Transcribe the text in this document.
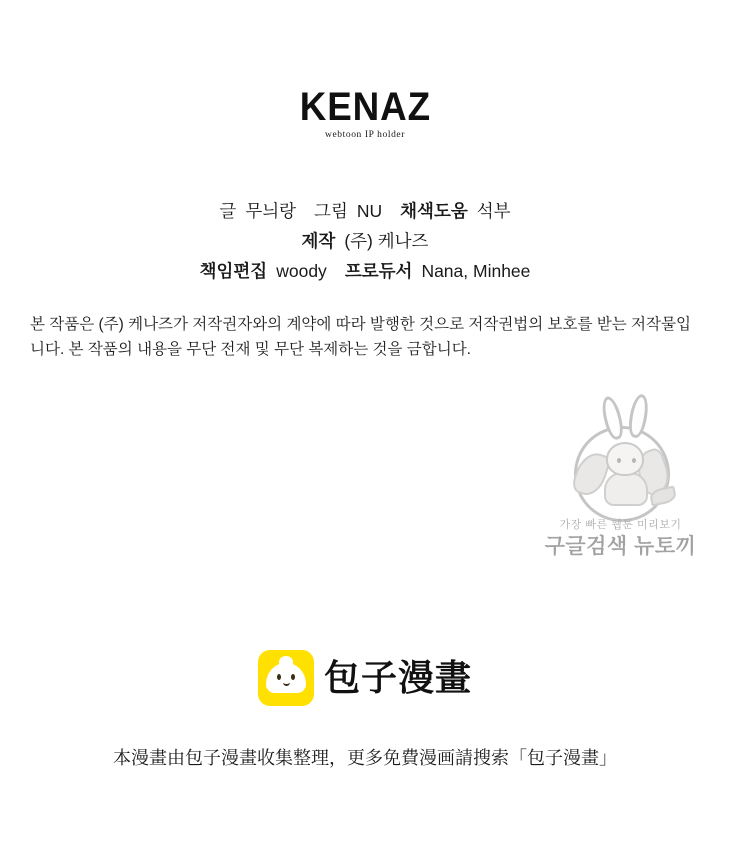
KENAZ
webtoon IP holder
글 무늬랑 그림 NU 채색도움 석부
제작 (주) 케나즈
책임편집 woody 프로듀서 Nana, Minhee
본 작품은 (주) 케나즈가 저작권자와의 계약에 따라 발행한 것으로 저작권법의 보호를 받는 저작물입니다. 본 작품의 내용을 무단 전재 및 무단 복제하는 것을 금합니다.
가장 빠른 웹툰 미리보기
구글검색 뉴토끼
包子漫畫
本漫畫由包子漫畫收集整理，更多免費漫画請搜索「包子漫畫」
